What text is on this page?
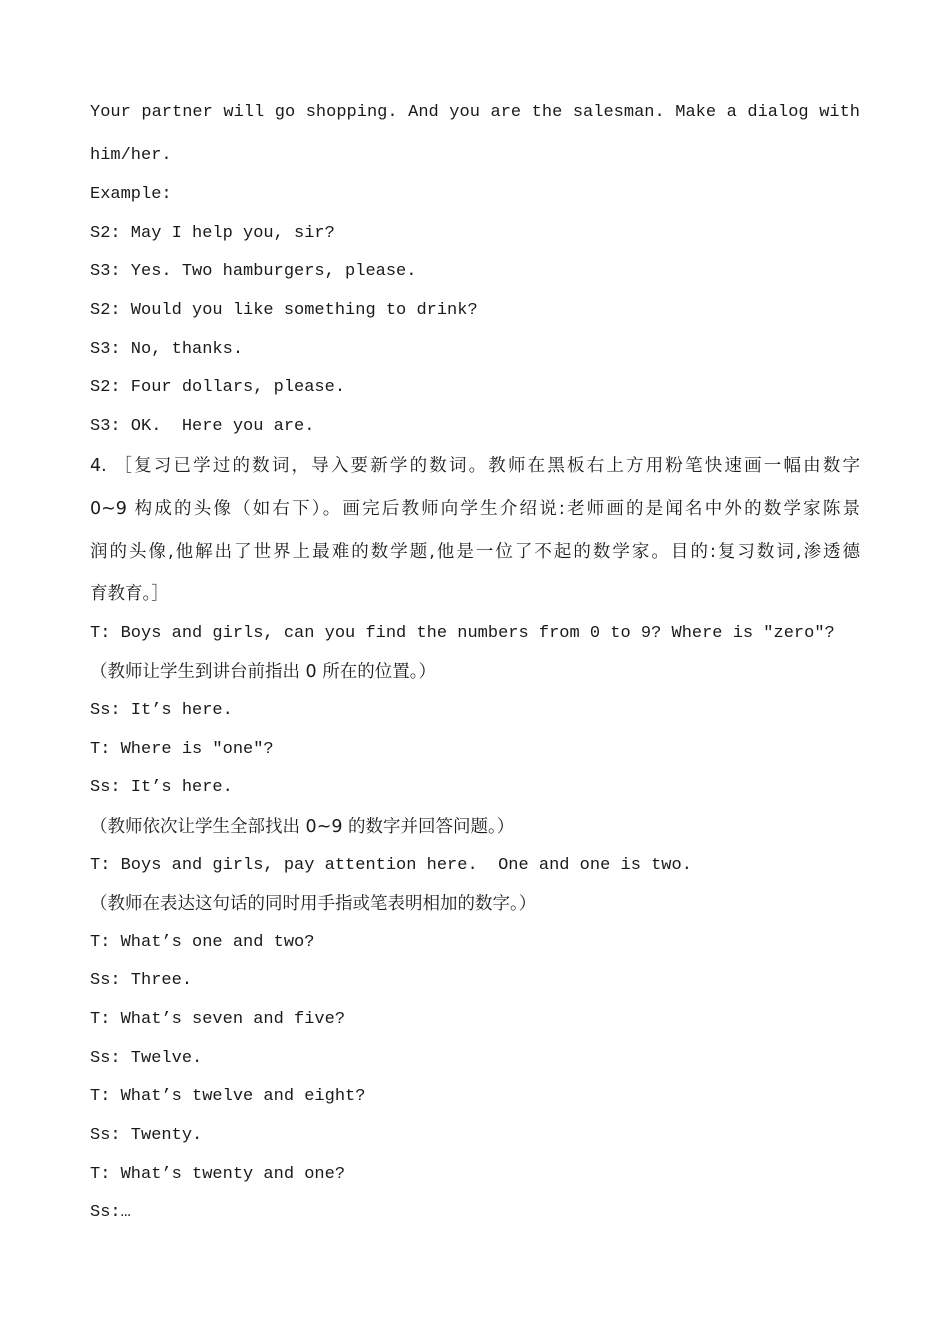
Your partner will go shopping. And you are the salesman. Make a dialog with

him/her.

Example:

S2: May I help you, sir?

S3: Yes. Two hamburgers, please.

S2: Would you like something to drink?

S3: No, thanks.

S2: Four dollars, please.

S3: OK.  Here you are.

4. ［复习已学过的数词，导入要新学的数词。教师在黑板右上方用粉笔快速画一幅由数字

0~9 构成的头像（如右下）。画完后教师向学生介绍说:老师画的是闻名中外的数学家陈景

润的头像,他解出了世界上最难的数学题,他是一位了不起的数学家。目的:复习数词,渗透德

育教育。］

T: Boys and girls, can you find the numbers from 0 to 9? Where is "zero"?

（教师让学生到讲台前指出 0 所在的位置。）

Ss: It’s here.

T: Where is "one"?

Ss: It’s here.

（教师依次让学生全部找出 0~9 的数字并回答问题。）

T: Boys and girls, pay attention here.  One and one is two.

（教师在表达这句话的同时用手指或笔表明相加的数字。）

T: What’s one and two?

Ss: Three.

T: What’s seven and five?

Ss: Twelve.

T: What’s twelve and eight?

Ss: Twenty.

T: What’s twenty and one?

Ss:…
